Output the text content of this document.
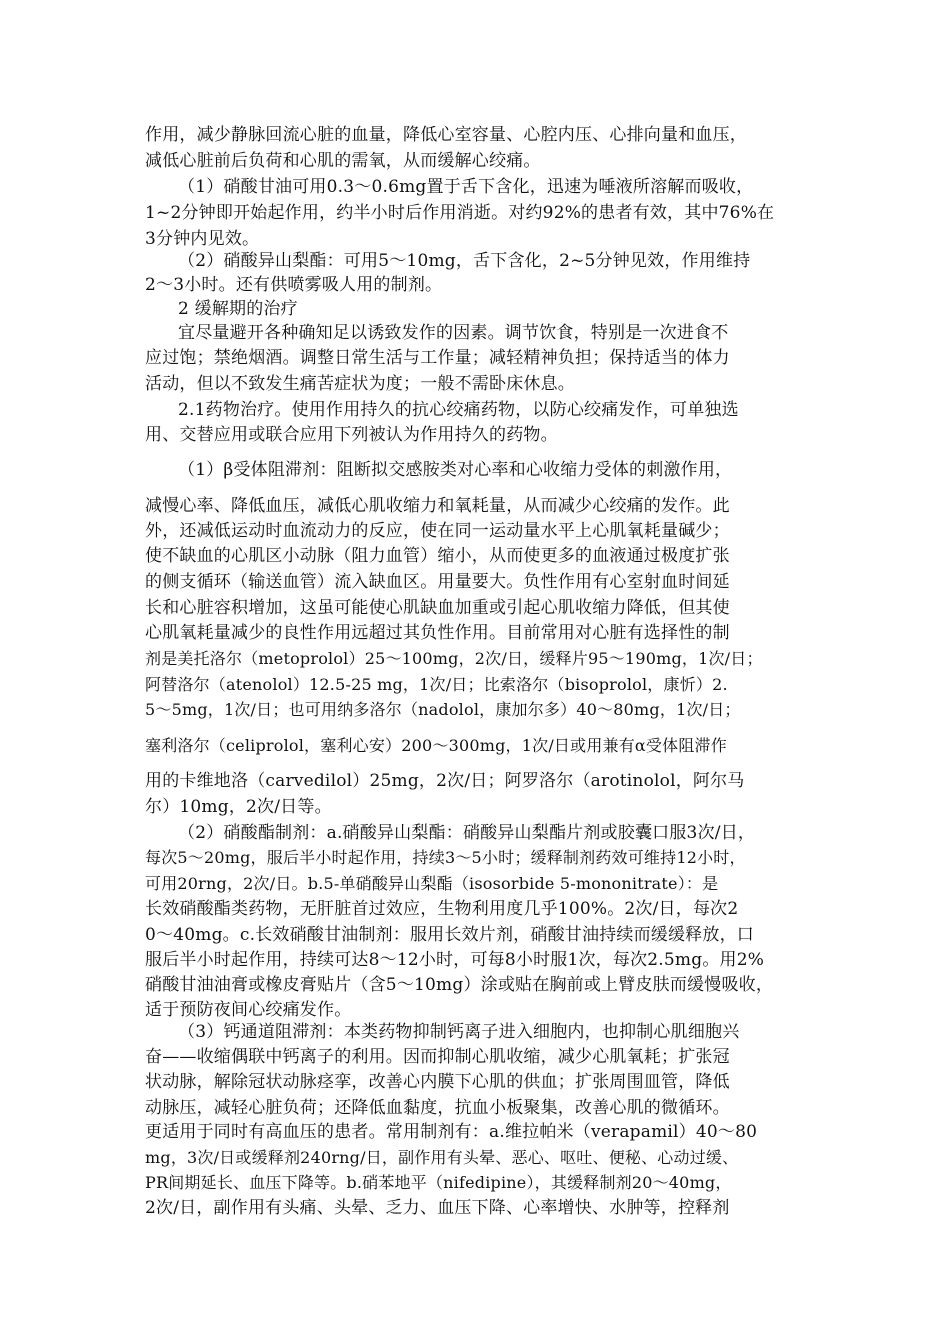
作用，减少静脉回流心脏的血量，降低心室容量、心腔内压、心排向量和血压，
减低心脏前后负荷和心肌的需氧，从而缓解心绞痛。
（1）硝酸甘油可用0.3～0.6mg置于舌下含化，迅速为唾液所溶解而吸收，
1~2分钟即开始起作用，约半小时后作用消逝。对约92%的患者有效，其中76%在
3分钟内见效。
（2）硝酸异山梨酯：可用5～10mg，舌下含化，2~5分钟见效，作用维持
2～3小时。还有供喷雾吸人用的制剂。
2 缓解期的治疗
宜尽量避开各种确知足以诱致发作的因素。调节饮食，特别是一次进食不
应过饱；禁绝烟酒。调整日常生活与工作量；减轻精神负担；保持适当的体力
活动，但以不致发生痛苦症状为度；一般不需卧床休息。
2.1药物治疗。使用作用持久的抗心绞痛药物，以防心绞痛发作，可单独选
用、交替应用或联合应用下列被认为作用持久的药物。
（1）β受体阻滞剂：阻断拟交感胺类对心率和心收缩力受体的刺激作用，
减慢心率、降低血压，减低心肌收缩力和氧耗量，从而减少心绞痛的发作。此
外，还减低运动时血流动力的反应，使在同一运动量水平上心肌氧耗量碱少；
使不缺血的心肌区小动脉（阻力血管）缩小，从而使更多的血液通过极度扩张
的侧支循环（输送血管）流入缺血区。用量要大。负性作用有心室射血时间延
长和心脏容积增加，这虽可能使心肌缺血加重或引起心肌收缩力降低，但其使
心肌氧耗量减少的良性作用远超过其负性作用。目前常用对心脏有选择性的制
剂是美托洛尔（metoprolol）25～100mg，2次/日，缓释片95～190mg，1次/日；
阿替洛尔（atenolol）12.5-25 mg，1次/日；比索洛尔（bisoprolol，康忻）2.
5～5mg，1次/日；也可用纳多洛尔（nadolol，康加尔多）40～80mg，1次/日；
塞利洛尔（celiprolol，塞利心安）200～300mg，1次/日或用兼有α受体阻滞作
用的卡维地洛（carvedilol）25mg，2次/日；阿罗洛尔（arotinolol，阿尔马
尔）10mg，2次/日等。
（2）硝酸酯制剂：a.硝酸异山梨酯：硝酸异山梨酯片剂或胶囊口服3次/日，
每次5～20mg，服后半小时起作用，持续3～5小时；缓释制剂药效可维持12小时，
可用20rng，2次/日。b.5-单硝酸异山梨酯（isosorbide 5-mononitrate）：是
长效硝酸酯类药物，无肝脏首过效应，生物利用度几乎100%。2次/日，每次2
0～40mg。c.长效硝酸甘油制剂：服用长效片剂，硝酸甘油持续而缓缓释放，口
服后半小时起作用，持续可达8～12小时，可每8小时服1次，每次2.5mg。用2%
硝酸甘油油膏或橡皮膏贴片（含5～10mg）涂或贴在胸前或上臂皮肤而缓慢吸收，
适于预防夜间心绞痛发作。
（3）钙通道阻滞剂：本类药物抑制钙离子进入细胞内，也抑制心肌细胞兴
奋——收缩偶联中钙离子的利用。因而抑制心肌收缩，减少心肌氧耗；扩张冠
状动脉，解除冠状动脉痉挛，改善心内膜下心肌的供血；扩张周围皿管，降低
动脉压，减轻心脏负荷；还降低血黏度，抗血小板聚集，改善心肌的微循环。
更适用于同时有高血压的患者。常用制剂有：a.维拉帕米（verapamil）40～80
mg，3次/日或缓释剂240rng/日，副作用有头晕、恶心、呕吐、便秘、心动过缓、
PR间期延长、血压下降等。b.硝苯地平（nifedipine），其缓释制剂20～40mg，
2次/日，副作用有头痛、头晕、乏力、血压下降、心率增快、水肿等，控释剂
